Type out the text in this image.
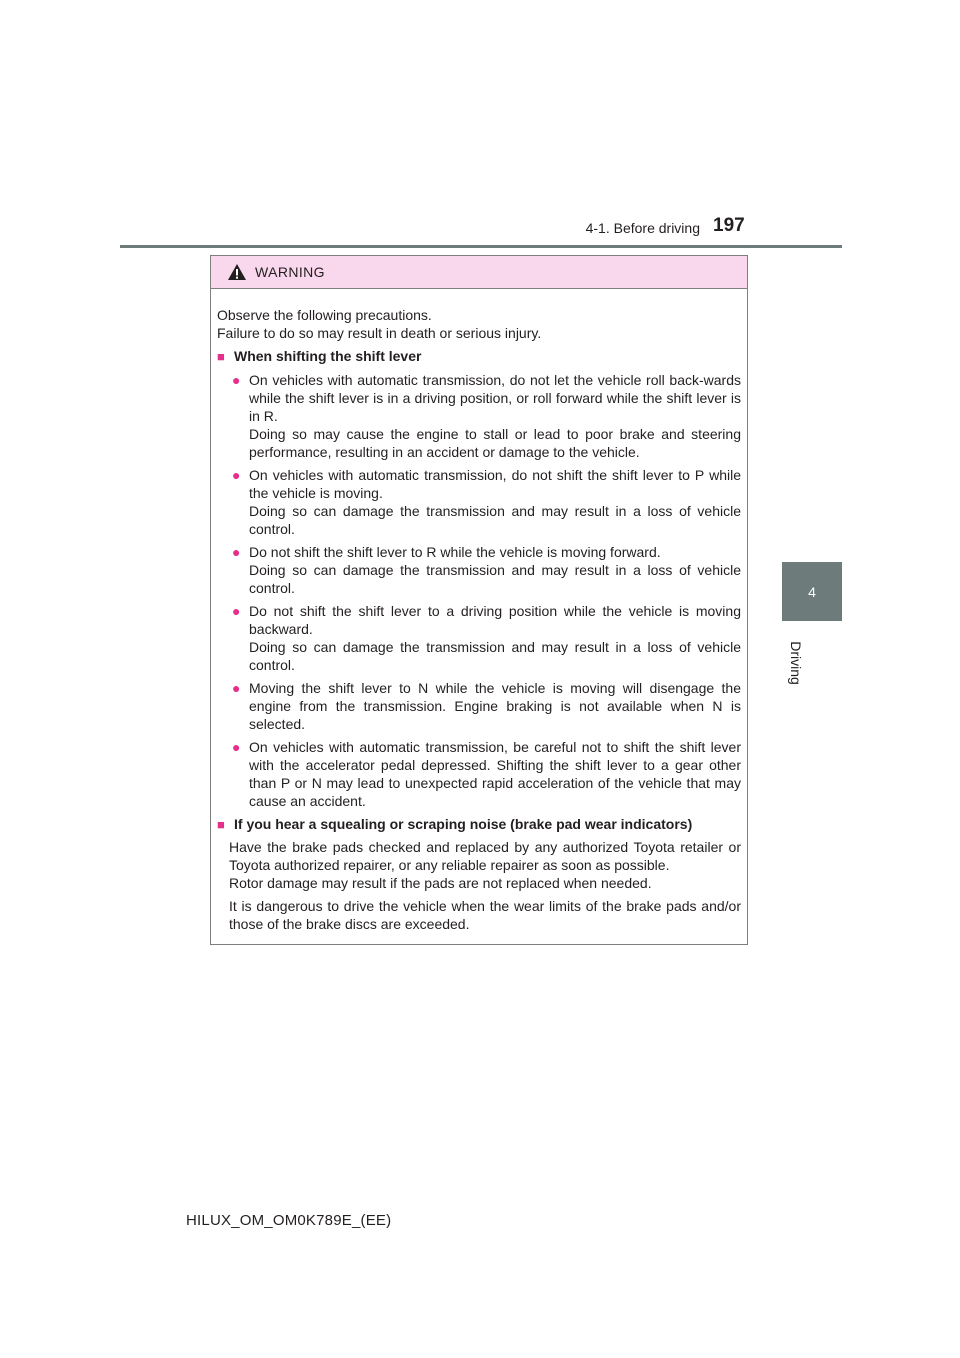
4-1. Before driving 197
4
Driving
WARNING

Observe the following precautions.

Failure to do so may result in death or serious injury.

■ When shifting the shift lever
● On vehicles with automatic transmission, do not let the vehicle roll back-wards while the shift lever is in a driving position, or roll forward while the shift lever is in R.

Doing so may cause the engine to stall or lead to poor brake and steering performance, resulting in an accident or damage to the vehicle.

● On vehicles with automatic transmission, do not shift the shift lever to P while the vehicle is moving.

Doing so can damage the transmission and may result in a loss of vehicle control.

● Do not shift the shift lever to R while the vehicle is moving forward.

Doing so can damage the transmission and may result in a loss of vehicle control.

● Do not shift the shift lever to a driving position while the vehicle is moving backward.

Doing so can damage the transmission and may result in a loss of vehicle control.

● Moving the shift lever to N while the vehicle is moving will disengage the engine from the transmission. Engine braking is not available when N is selected.

● On vehicles with automatic transmission, be careful not to shift the shift lever with the accelerator pedal depressed. Shifting the shift lever to a gear other than P or N may lead to unexpected rapid acceleration of the vehicle that may cause an accident.

■ If you hear a squealing or scraping noise (brake pad wear indicators)

Have the brake pads checked and replaced by any authorized Toyota retailer or Toyota authorized repairer, or any reliable repairer as soon as possible.

Rotor damage may result if the pads are not replaced when needed.

It is dangerous to drive the vehicle when the wear limits of the brake pads and/or those of the brake discs are exceeded.

HILUX_OM_OM0K789E_(EE)
